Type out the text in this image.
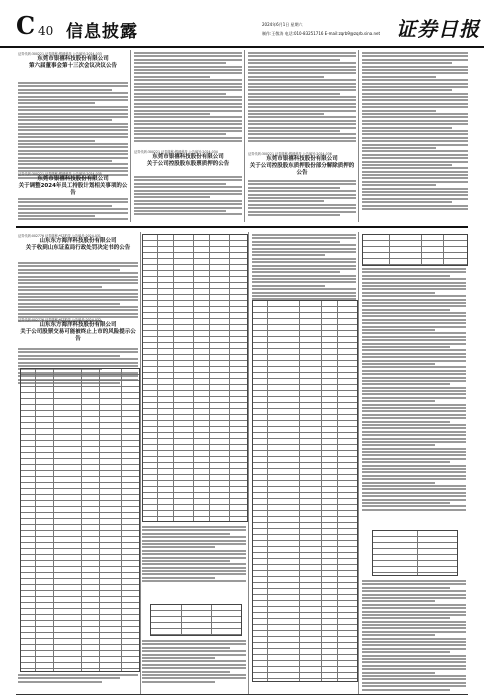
C 40 信息披露	2024年6月1日 星期六
制作:王敬涛 电话:010-83251716 E-mail:zqrb9@zqrb.sina.net 证券日报
证券代码:300221 证券简称:银禧科技 公告编号:2024-033
东莞市银禧科技股份有限公司
第六届董事会第十三次会议决议公告
证券代码:300221 证券简称:银禧科技 公告编号:2024-035
东莞市银禧科技股份有限公司
关于调整2024年员工持股计划相关事项的公告
证券代码:300221 证券简称:银禧科技 公告编号:2024-034
东莞市银禧科技股份有限公司
关于公司控股股东股票质押的公告
证券代码:300221 证券简称:银禧科技 公告编号:2024-036
东莞市银禧科技股份有限公司
关于公司控股股东质押股份部分解除质押的公告
证券代码:002776 证券简称:*ST柏龙 公告编号:2024-031
山东东方海洋科技股份有限公司
关于收到山东证监局行政处罚决定书的公告
证券代码:002776 证券简称:*ST柏龙 公告编号:2024-032
山东东方海洋科技股份有限公司
关于公司股票交易可能被终止上市的风险提示公告
